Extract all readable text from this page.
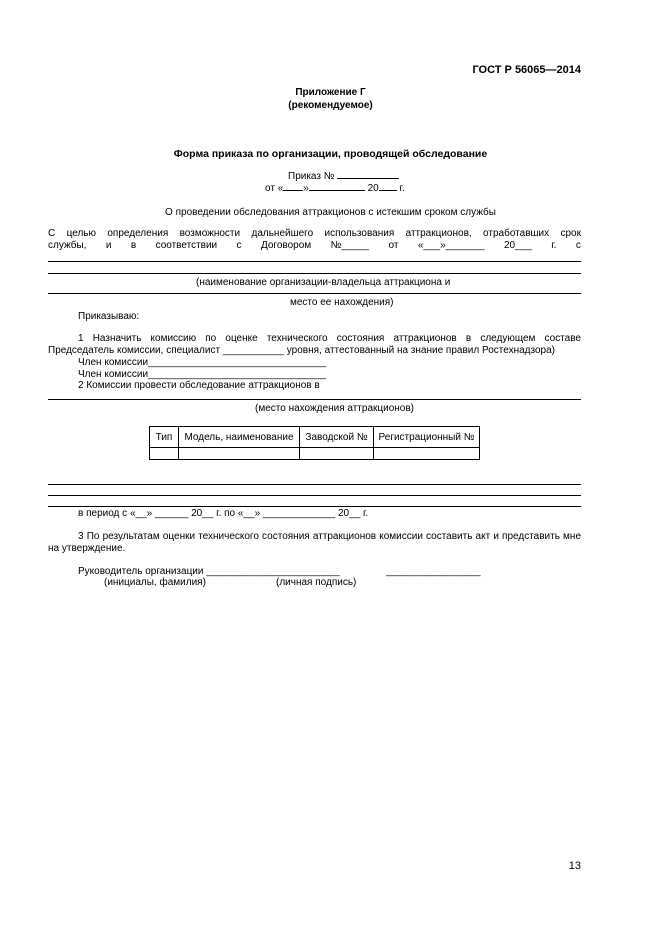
ГОСТ Р 56065—2014
Приложение Г
(рекомендуемое)
Форма приказа по организации, проводящей обследование
Приказ №
от « »	20 г.
О проведении обследования аттракционов с истекшим сроком службы
С целью определения возможности дальнейшего использования аттракционов, отработавших срок
службы, и в соответствии с Договором №_____ от «___»_______ 20___ г. с
(наименование организации-владельца аттракциона и
место ее нахождения)
Приказываю:
1 Назначить комиссию по оценке технического состояния аттракционов в следующем составе
Председатель комиссии, специалист ___________ уровня, аттестованный на знание правил Ростехнадзора)
Член комиссии________________________________
Член комиссии________________________________
2 Комиссии провести обследование аттракционов в
(место нахождения аттракционов)
Тип	Модель, наименование	Заводской №	Регистрационный №

в период с «__» ______ 20__ г. по «__» _____________ 20__ г.
3 По результатам оценки технического состояния аттракционов комиссии составить акт и представить мне
на утверждение.
Руководитель организации ________________________	_________________
(инициалы, фамилия)	(личная подпись)
13
